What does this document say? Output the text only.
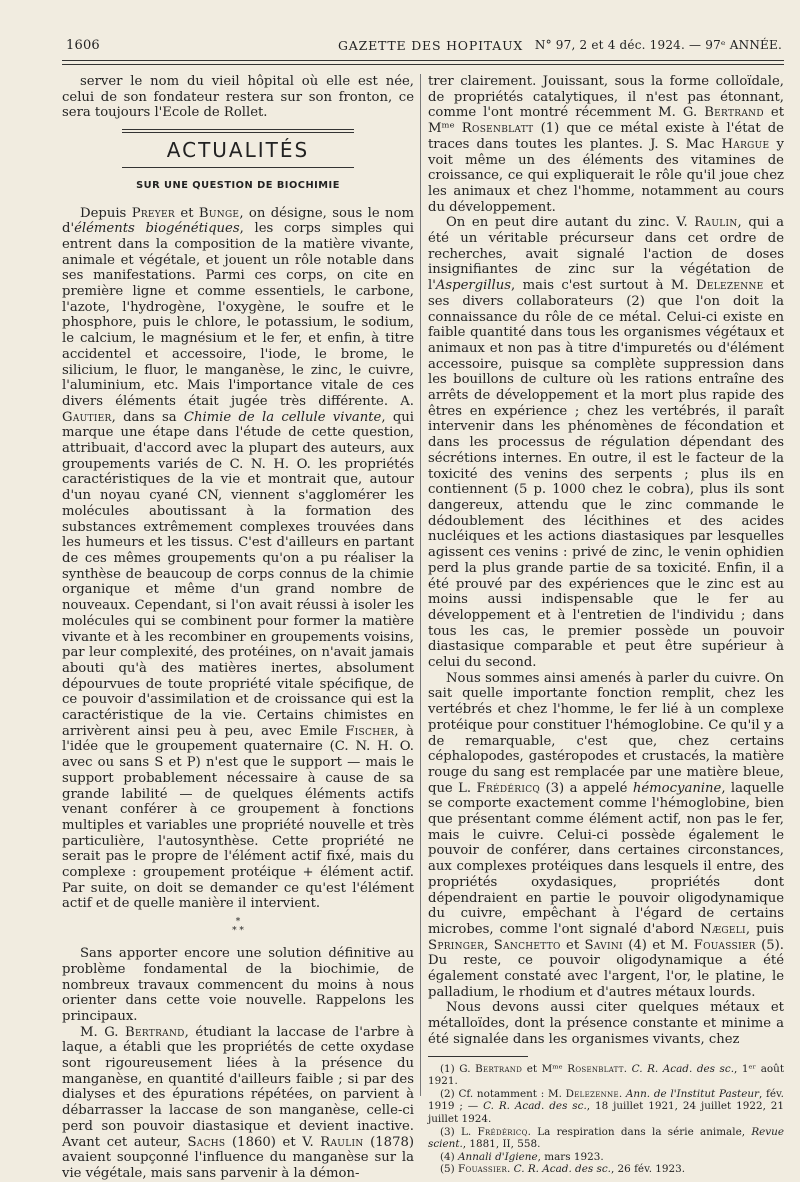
1606	GAZETTE DES HOPITAUX N° 97, 2 et 4 déc. 1924. — 97ᵉ ANNÉE.

server le nom du vieil hôpital où elle est née, celui de son fondateur restera sur son fronton, ce sera toujours l'Ecole de Rollet.

ACTUALITÉS
SUR UNE QUESTION DE BIOCHIMIE

Depuis Preyer et Bunge, on désigne, sous le nom d'éléments biogénétiques, les corps simples qui entrent dans la composition de la matière vivante, animale et végétale, et jouent un rôle notable dans ses manifestations. Parmi ces corps, on cite en première ligne et comme essentiels, le carbone, l'azote, l'hydrogène, l'oxygène, le soufre et le phosphore, puis le chlore, le potassium, le sodium, le calcium, le magnésium et le fer, et enfin, à titre accidentel et accessoire, l'iode, le brome, le silicium, le fluor, le manganèse, le zinc, le cuivre, l'aluminium, etc. Mais l'importance vitale de ces divers éléments était jugée très différente. A. Gautier, dans sa Chimie de la cellule vivante, qui marque une étape dans l'étude de cette question, attribuait, d'accord avec la plupart des auteurs, aux groupements variés de C. N. H. O. les propriétés caractéristiques de la vie et montrait que, autour d'un noyau cyané CN, viennent s'agglomérer les molécules aboutissant à la formation des substances extrêmement complexes trouvées dans les humeurs et les tissus. C'est d'ailleurs en partant de ces mêmes groupements qu'on a pu réaliser la synthèse de beaucoup de corps connus de la chimie organique et même d'un grand nombre de nouveaux. Cependant, si l'on avait réussi à isoler les molécules qui se combinent pour former la matière vivante et à les recombiner en groupements voisins, par leur complexité, des protéines, on n'avait jamais abouti qu'à des matières inertes, absolument dépourvues de toute propriété vitale spécifique, de ce pouvoir d'assimilation et de croissance qui est la caractéristique de la vie. Certains chimistes en arrivèrent ainsi peu à peu, avec Emile Fischer, à l'idée que le groupement quaternaire (C. N. H. O. avec ou sans S et P) n'est que le support — mais le support probablement nécessaire à cause de sa grande labilité — de quelques éléments actifs venant conférer à ce groupement à fonctions multiples et variables une propriété nouvelle et très particulière, l'autosynthèse. Cette propriété ne serait pas le propre de l'élément actif fixé, mais du complexe : groupement protéique + élément actif. Par suite, on doit se demander ce qu'est l'élément actif et de quelle manière il intervient.

*
* *

Sans apporter encore une solution définitive au problème fondamental de la biochimie, de nombreux travaux commencent du moins à nous orienter dans cette voie nouvelle. Rappelons les principaux.

M. G. Bertrand, étudiant la laccase de l'arbre à laque, a établi que les propriétés de cette oxydase sont rigoureusement liées à la présence du manganèse, en quantité d'ailleurs faible ; si par des dialyses et des épurations répétées, on parvient à débarrasser la laccase de son manganèse, celle-ci perd son pouvoir diastasique et devient inactive. Avant cet auteur, Sachs (1860) et V. Raulin (1878) avaient soupçonné l'influence du manganèse sur la vie végétale, mais sans parvenir à la démon-

trer clairement. Jouissant, sous la forme colloïdale, de propriétés catalytiques, il n'est pas étonnant, comme l'ont montré récemment M. G. Bertrand et Mᵐᵉ Rosenblatt (1) que ce métal existe à l'état de traces dans toutes les plantes. J. S. Mac Hargue y voit même un des éléments des vitamines de croissance, ce qui expliquerait le rôle qu'il joue chez les animaux et chez l'homme, notamment au cours du développement.

On en peut dire autant du zinc. V. Raulin, qui a été un véritable précurseur dans cet ordre de recherches, avait signalé l'action de doses insignifiantes de zinc sur la végétation de l'Aspergillus, mais c'est surtout à M. Delezenne et ses divers collaborateurs (2) que l'on doit la connaissance du rôle de ce métal. Celui-ci existe en faible quantité dans tous les organismes végétaux et animaux et non pas à titre d'impuretés ou d'élément accessoire, puisque sa complète suppression dans les bouillons de culture où les rations entraîne des arrêts de développement et la mort plus rapide des êtres en expérience ; chez les vertébrés, il paraît intervenir dans les phénomènes de fécondation et dans les processus de régulation dépendant des sécrétions internes. En outre, il est le facteur de la toxicité des venins des serpents ; plus ils en contiennent (5 p. 1000 chez le cobra), plus ils sont dangereux, attendu que le zinc commande le dédoublement des lécithines et des acides nucléiques et les actions diastasiques par lesquelles agissent ces venins : privé de zinc, le venin ophidien perd la plus grande partie de sa toxicité. Enfin, il a été prouvé par des expériences que le zinc est au moins aussi indispensable que le fer au développement et à l'entretien de l'individu ; dans tous les cas, le premier possède un pouvoir diastasique comparable et peut être supérieur à celui du second.

Nous sommes ainsi amenés à parler du cuivre. On sait quelle importante fonction remplit, chez les vertébrés et chez l'homme, le fer lié à un complexe protéique pour constituer l'hémoglobine. Ce qu'il y a de remarquable, c'est que, chez certains céphalopodes, gastéropodes et crustacés, la matière rouge du sang est remplacée par une matière bleue, que L. Frédéricq (3) a appelé hémocyanine, laquelle se comporte exactement comme l'hémoglobine, bien que présentant comme élément actif, non pas le fer, mais le cuivre. Celui-ci possède également le pouvoir de conférer, dans certaines circonstances, aux complexes protéiques dans lesquels il entre, des propriétés oxydasiques, propriétés dont dépendraient en partie le pouvoir oligodynamique du cuivre, empêchant à l'égard de certains microbes, comme l'ont signalé d'abord Nægeli, puis Springer, Sanchetto et Savini (4) et M. Fouassier (5). Du reste, ce pouvoir oligodynamique a été également constaté avec l'argent, l'or, le platine, le palladium, le rhodium et d'autres métaux lourds.

Nous devons aussi citer quelques métaux et métalloïdes, dont la présence constante et minime a été signalée dans les organismes vivants, chez

(1) G. Bertrand et Mᵐᵉ Rosenblatt. C. R. Acad. des sc., 1ᵉʳ août 1921.
(2) Cf. notamment : M. Delezenne. Ann. de l'Institut Pasteur, fév. 1919 ; — C. R. Acad. des sc., 18 juillet 1921, 24 juillet 1922, 21 juillet 1924.
(3) L. Frédéricq. La respiration dans la série animale, Revue scient., 1881, II, 558.
(4) Annali d'Igiene, mars 1923.
(5) Fouassier. C. R. Acad. des sc., 26 fév. 1923.
